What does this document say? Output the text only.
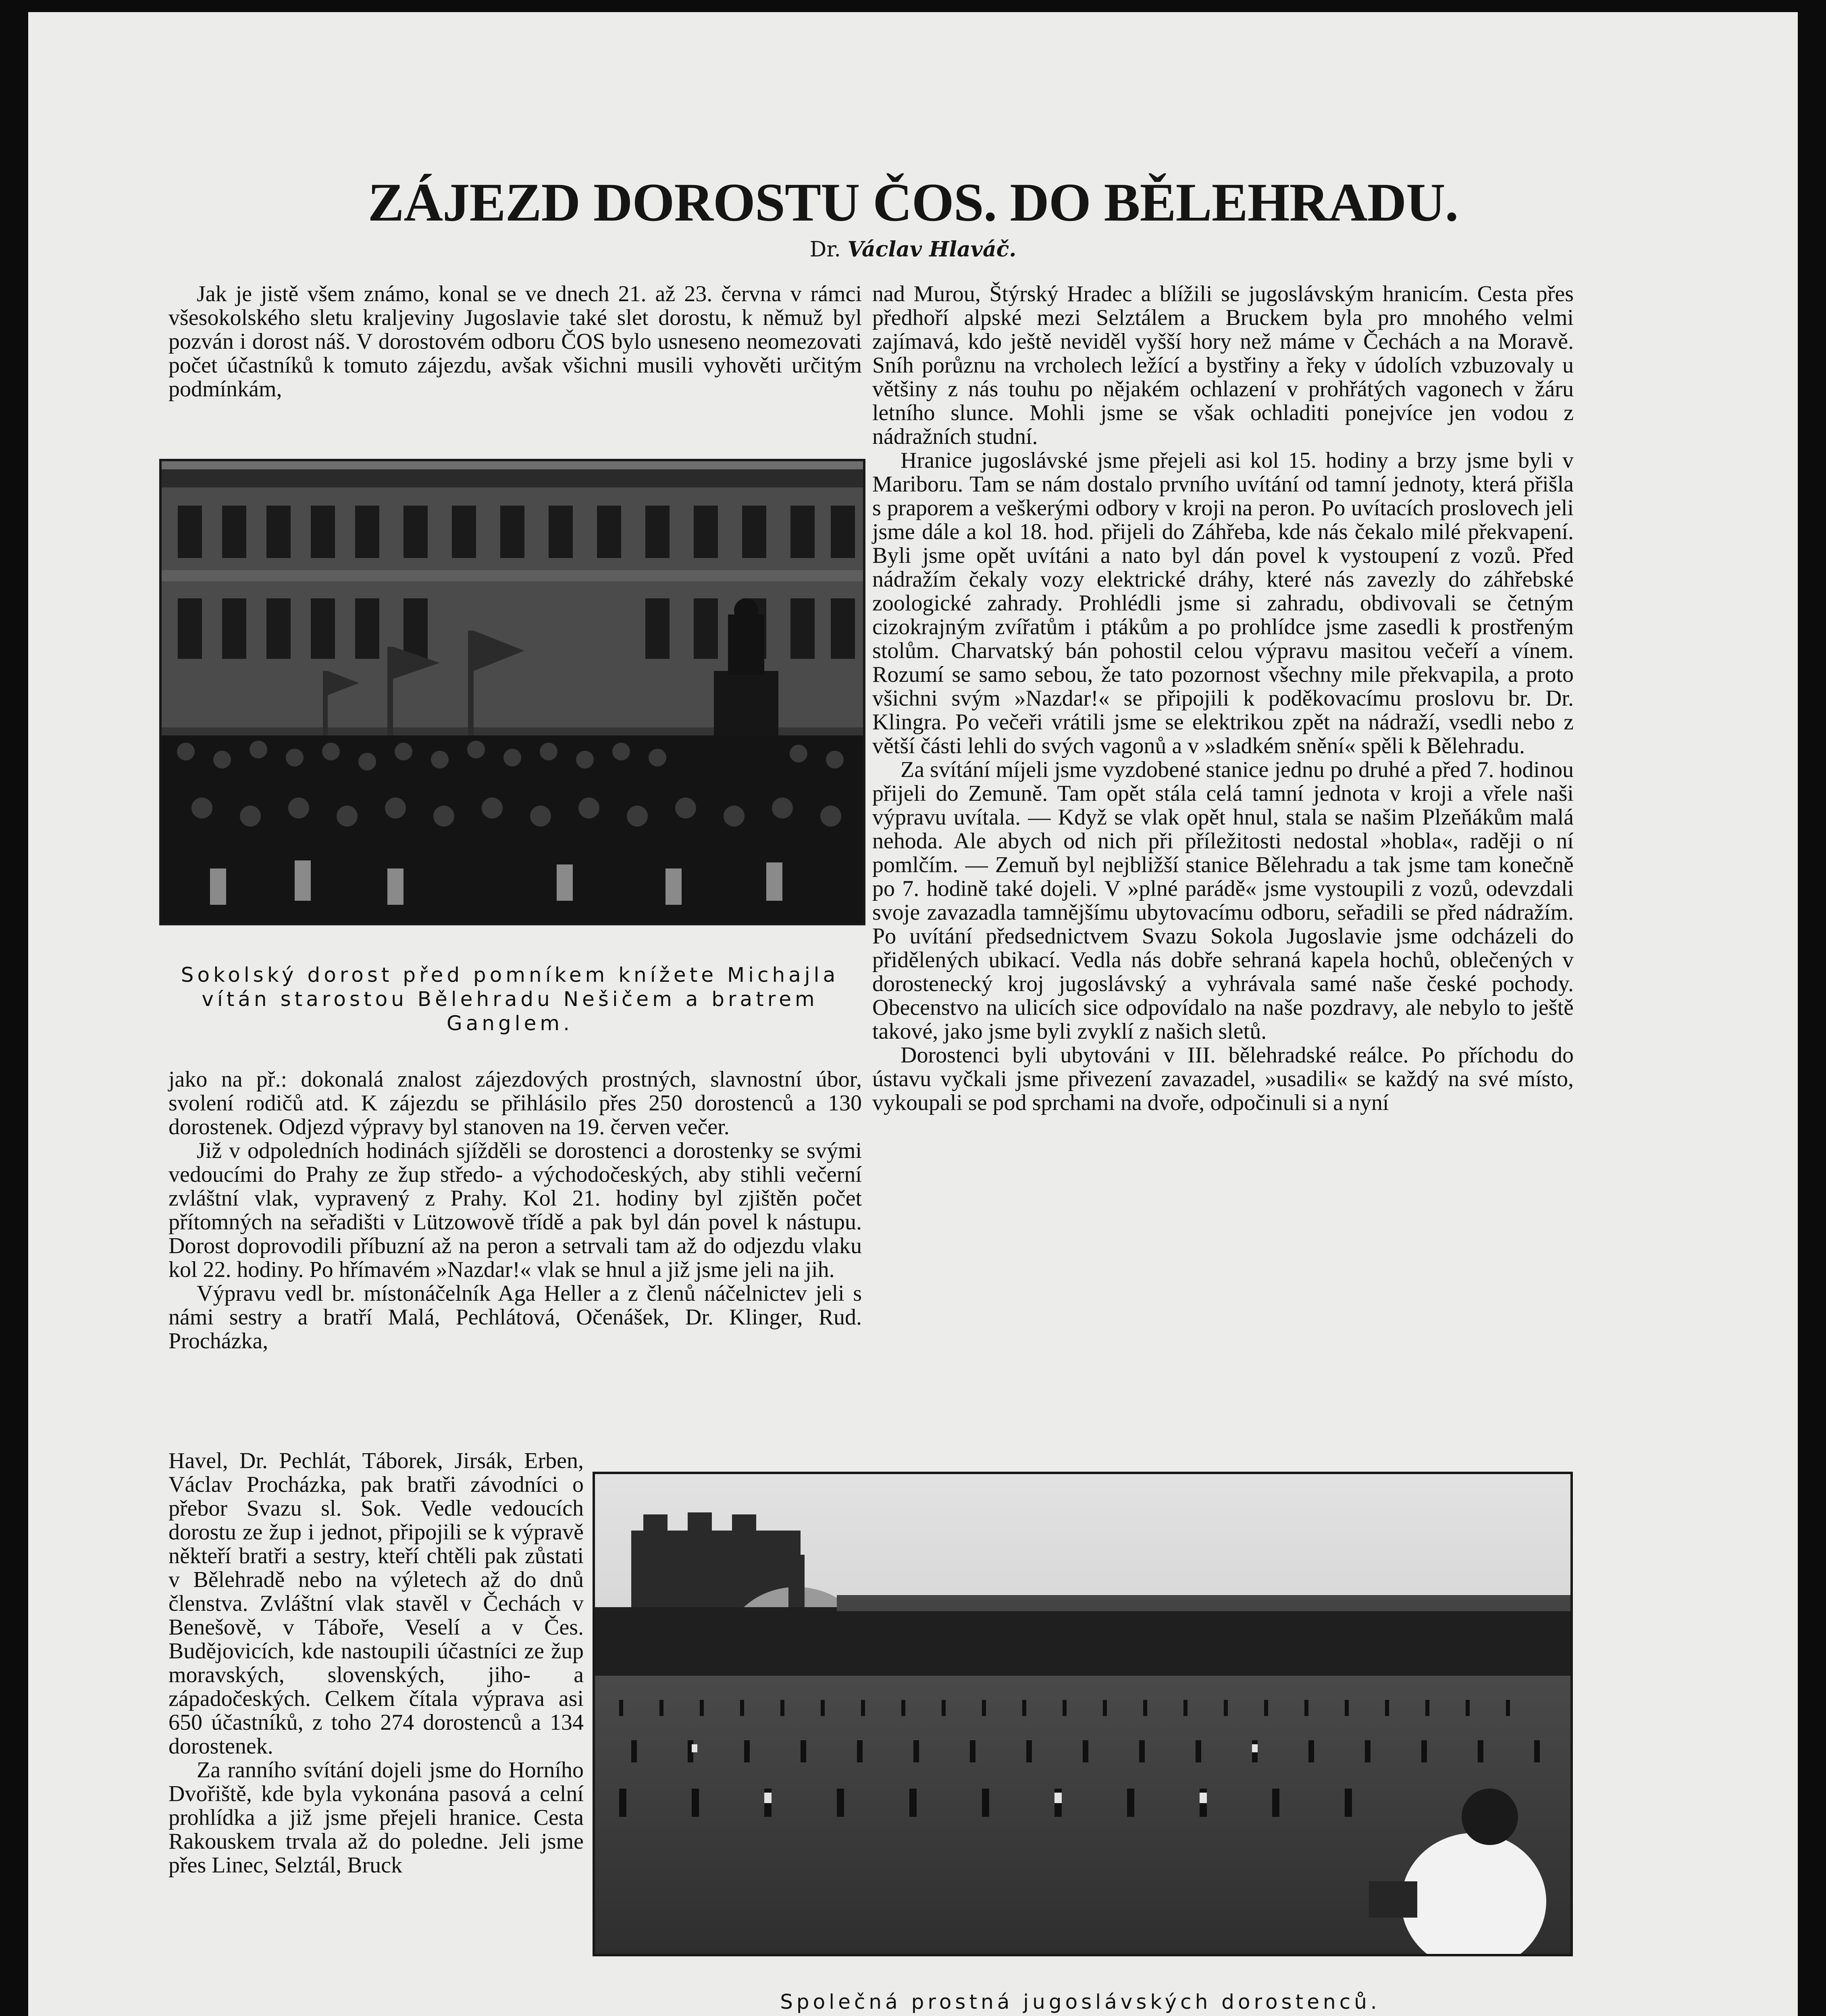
ZÁJEZD DOROSTU ČOS. DO BĚLEHRADU.
Dr. Václav Hlaváč.

Jak je jistě všem známo, konal se ve dnech 21. až 23. června v rámci všesokolského sletu kraljeviny Jugoslavie také slet dorostu, k němuž byl pozván i dorost náš. V dorostovém odboru ČOS bylo usneseno neomezovati počet účastníků k tomuto zájezdu, avšak všichni musili vyhověti určitým podmínkám,

Sokolský dorost před pomníkem knížete Michajla vítán starostou Bělehradu Nešičem a bratrem Ganglem.

jako na př.: dokonalá znalost zájezdových prostných, slavnostní úbor, svolení rodičů atd. K zájezdu se přihlásilo přes 250 dorostenců a 130 dorostenek. Odjezd výpravy byl stanoven na 19. červen večer.

Již v odpoledních hodinách sjížděli se dorostenci a dorostenky se svými vedoucími do Prahy ze žup středo- a východočeských, aby stihli večerní zvláštní vlak, vypravený z Prahy. Kol 21. hodiny byl zjištěn počet přítomných na seřadišti v Lützowově třídě a pak byl dán povel k nástupu. Dorost doprovodili příbuzní až na peron a setrvali tam až do odjezdu vlaku kol 22. hodiny. Po hřímavém »Nazdar!« vlak se hnul a již jsme jeli na jih.

Výpravu vedl br. místonáčelník Aga Heller a z členů náčelnictev jeli s námi sestry a bratří Malá, Pechlátová, Očenášek, Dr. Klinger, Rud. Procházka,

Havel, Dr. Pechlát, Táborek, Jirsák, Erben, Václav Procházka, pak bratři závodníci o přebor Svazu sl. Sok. Vedle vedoucích dorostu ze žup i jednot, připojili se k výpravě někteří bratři a sestry, kteří chtěli pak zůstati v Bělehradě nebo na výletech až do dnů členstva. Zvláštní vlak stavěl v Čechách v Benešově, v Táboře, Veselí a v Čes. Budějovicích, kde nastoupili účastníci ze žup moravských, slovenských, jiho- a západočeských. Celkem čítala výprava asi 650 účastníků, z toho 274 dorostenců a 134 dorostenek.

Za ranního svítání dojeli jsme do Horního Dvořiště, kde byla vykonána pasová a celní prohlídka a již jsme přejeli hranice. Cesta Rakouskem trvala až do poledne. Jeli jsme přes Linec, Selztál, Bruck

nad Murou, Štýrský Hradec a blížili se jugoslávským hranicím. Cesta přes předhoří alpské mezi Selztálem a Bruckem byla pro mnohého velmi zajímavá, kdo ještě neviděl vyšší hory než máme v Čechách a na Moravě. Sníh porůznu na vrcholech ležící a bystřiny a řeky v údolích vzbuzovaly u většiny z nás touhu po nějakém ochlazení v prohřátých vagonech v žáru letního slunce. Mohli jsme se však ochladiti ponejvíce jen vodou z nádražních studní.

Hranice jugoslávské jsme přejeli asi kol 15. hodiny a brzy jsme byli v Mariboru. Tam se nám dostalo prvního uvítání od tamní jednoty, která přišla s praporem a veškerými odbory v kroji na peron. Po uvítacích proslovech jeli jsme dále a kol 18. hod. přijeli do Záhřeba, kde nás čekalo milé překvapení. Byli jsme opět uvítáni a nato byl dán povel k vystoupení z vozů. Před nádražím čekaly vozy elektrické dráhy, které nás zavezly do záhřebské zoologické zahrady. Prohlédli jsme si zahradu, obdivovali se četným cizokrajným zvířatům i ptákům a po prohlídce jsme zasedli k prostřeným stolům. Charvatský bán pohostil celou výpravu masitou večeří a vínem. Rozumí se samo sebou, že tato pozornost všechny mile překvapila, a proto všichni svým »Nazdar!« se připojili k poděkovacímu proslovu br. Dr. Klingra. Po večeři vrátili jsme se elektrikou zpět na nádraží, vsedli nebo z větší části lehli do svých vagonů a v »sladkém snění« spěli k Bělehradu.

Za svítání míjeli jsme vyzdobené stanice jednu po druhé a před 7. hodinou přijeli do Zemuně. Tam opět stála celá tamní jednota v kroji a vřele naši výpravu uvítala. — Když se vlak opět hnul, stala se našim Plzeňákům malá nehoda. Ale abych od nich při příležitosti nedostal »hobla«, raději o ní pomlčím. — Zemuň byl nejbližší stanice Bělehradu a tak jsme tam konečně po 7. hodině také dojeli. V »plné parádě« jsme vystoupili z vozů, odevzdali svoje zavazadla tamnějšímu ubytovacímu odboru, seřadili se před nádražím. Po uvítání předsednictvem Svazu Sokola Jugoslavie jsme odcházeli do přidělených ubikací. Vedla nás dobře sehraná kapela hochů, oblečených v dorostenecký kroj jugoslávský a vyhrávala samé naše české pochody. Obecenstvo na ulicích sice odpovídalo na naše pozdravy, ale nebylo to ještě takové, jako jsme byli zvyklí z našich sletů.

Dorostenci byli ubytováni v III. bělehradské reálce. Po příchodu do ústavu vyčkali jsme přivezení zavazadel, »usadili« se každý na své místo, vykoupali se pod sprchami na dvoře, odpočinuli si a nyní

Společná prostná jugoslávských dorostenců.
